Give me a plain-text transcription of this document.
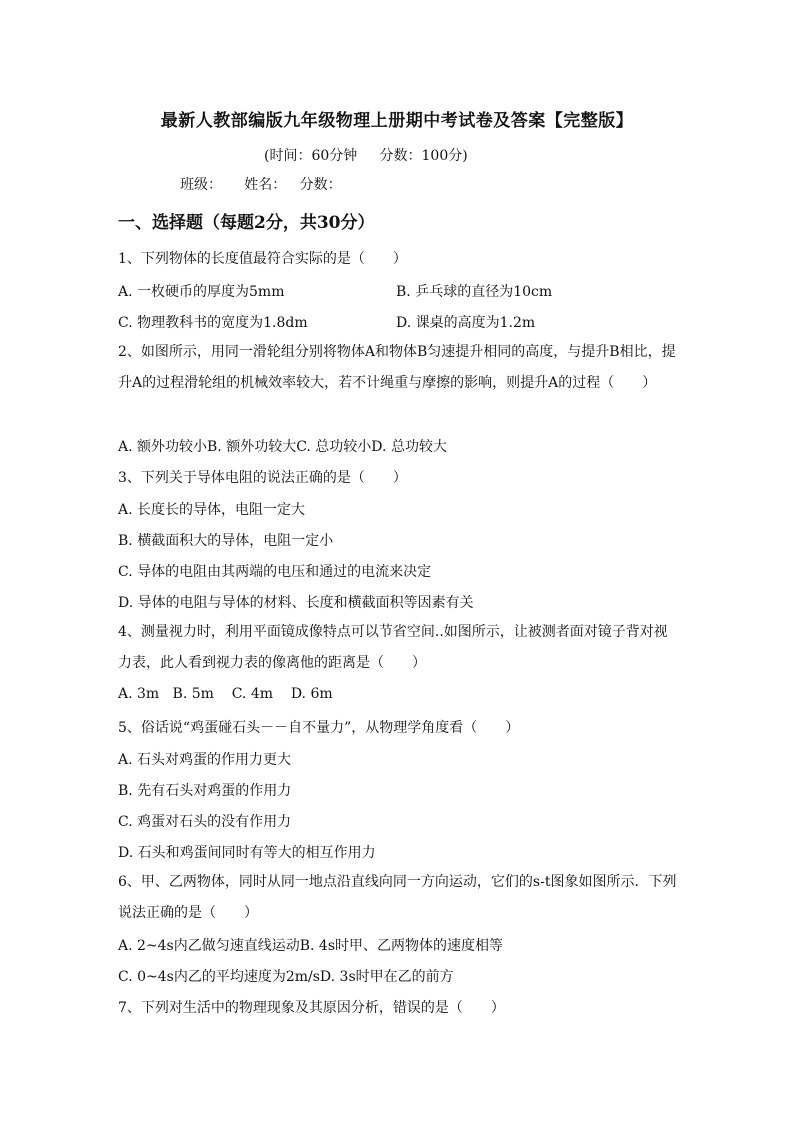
最新人教部编版九年级物理上册期中考试卷及答案【完整版】
(时间：60分钟     分数：100分)
班级：     姓名：   分数：
一、选择题（每题2分，共30分）
1、下列物体的长度值最符合实际的是（　　）
A. 一枚硬币的厚度为5mm	B. 乒乓球的直径为10cm
C. 物理教科书的宽度为1.8dm	D. 课桌的高度为1.2m
2、如图所示，用同一滑轮组分别将物体A和物体B匀速提升相同的高度，与提升B相比，提升A的过程滑轮组的机械效率较大，若不计绳重与摩擦的影响，则提升A的过程（　　）
A. 额外功较小B. 额外功较大C. 总功较小D. 总功较大
3、下列关于导体电阻的说法正确的是（　　）
A. 长度长的导体，电阻一定大
B. 横截面积大的导体，电阻一定小
C. 导体的电阻由其两端的电压和通过的电流来决定
D. 导体的电阻与导体的材料、长度和横截面积等因素有关
4、测量视力时，利用平面镜成像特点可以节省空间..如图所示，让被测者面对镜子背对视力表，此人看到视力表的像离他的距离是（　　）
A. 3m   B. 5m    C. 4m    D. 6m
5、俗话说“鸡蛋碰石头－－自不量力”，从物理学角度看（　　）
A. 石头对鸡蛋的作用力更大
B. 先有石头对鸡蛋的作用力
C. 鸡蛋对石头的没有作用力
D. 石头和鸡蛋间同时有等大的相互作用力
6、甲、乙两物体，同时从同一地点沿直线向同一方向运动，它们的s-t图象如图所示．下列说法正确的是（　　）
A. 2~4s内乙做匀速直线运动B. 4s时甲、乙两物体的速度相等
C. 0~4s内乙的平均速度为2m/sD. 3s时甲在乙的前方
7、下列对生活中的物理现象及其原因分析，错误的是（　　）
